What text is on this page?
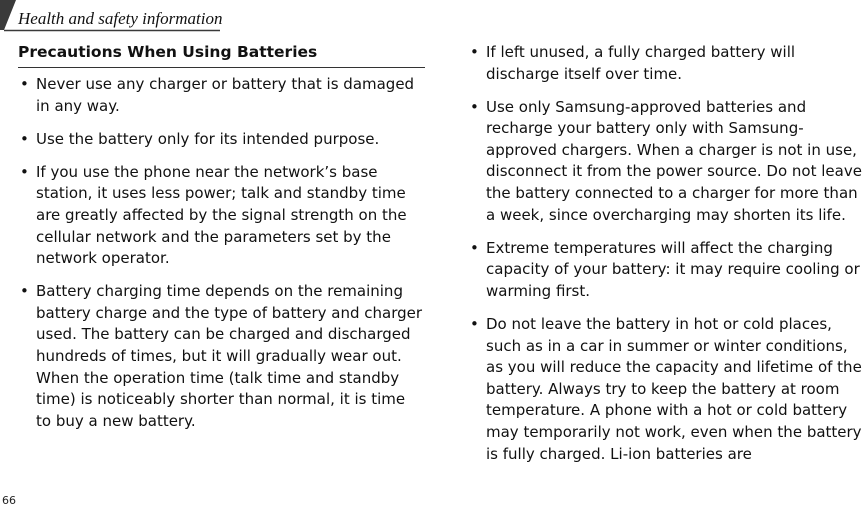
Health and safety information
Precautions When Using Batteries
• Never use any charger or battery that is damaged in any way.
• Use the battery only for its intended purpose.
• If you use the phone near the network’s base station, it uses less power; talk and standby time are greatly affected by the signal strength on the cellular network and the parameters set by the network operator.
• Battery charging time depends on the remaining battery charge and the type of battery and charger used. The battery can be charged and discharged hundreds of times, but it will gradually wear out. When the operation time (talk time and standby time) is noticeably shorter than normal, it is time to buy a new battery.
• If left unused, a fully charged battery will discharge itself over time.
• Use only Samsung-approved batteries and recharge your battery only with Samsung-approved chargers. When a charger is not in use, disconnect it from the power source. Do not leave the battery connected to a charger for more than a week, since overcharging may shorten its life.
• Extreme temperatures will affect the charging capacity of your battery: it may require cooling or warming first.
• Do not leave the battery in hot or cold places, such as in a car in summer or winter conditions, as you will reduce the capacity and lifetime of the battery. Always try to keep the battery at room temperature. A phone with a hot or cold battery may temporarily not work, even when the battery is fully charged. Li-ion batteries are
66
